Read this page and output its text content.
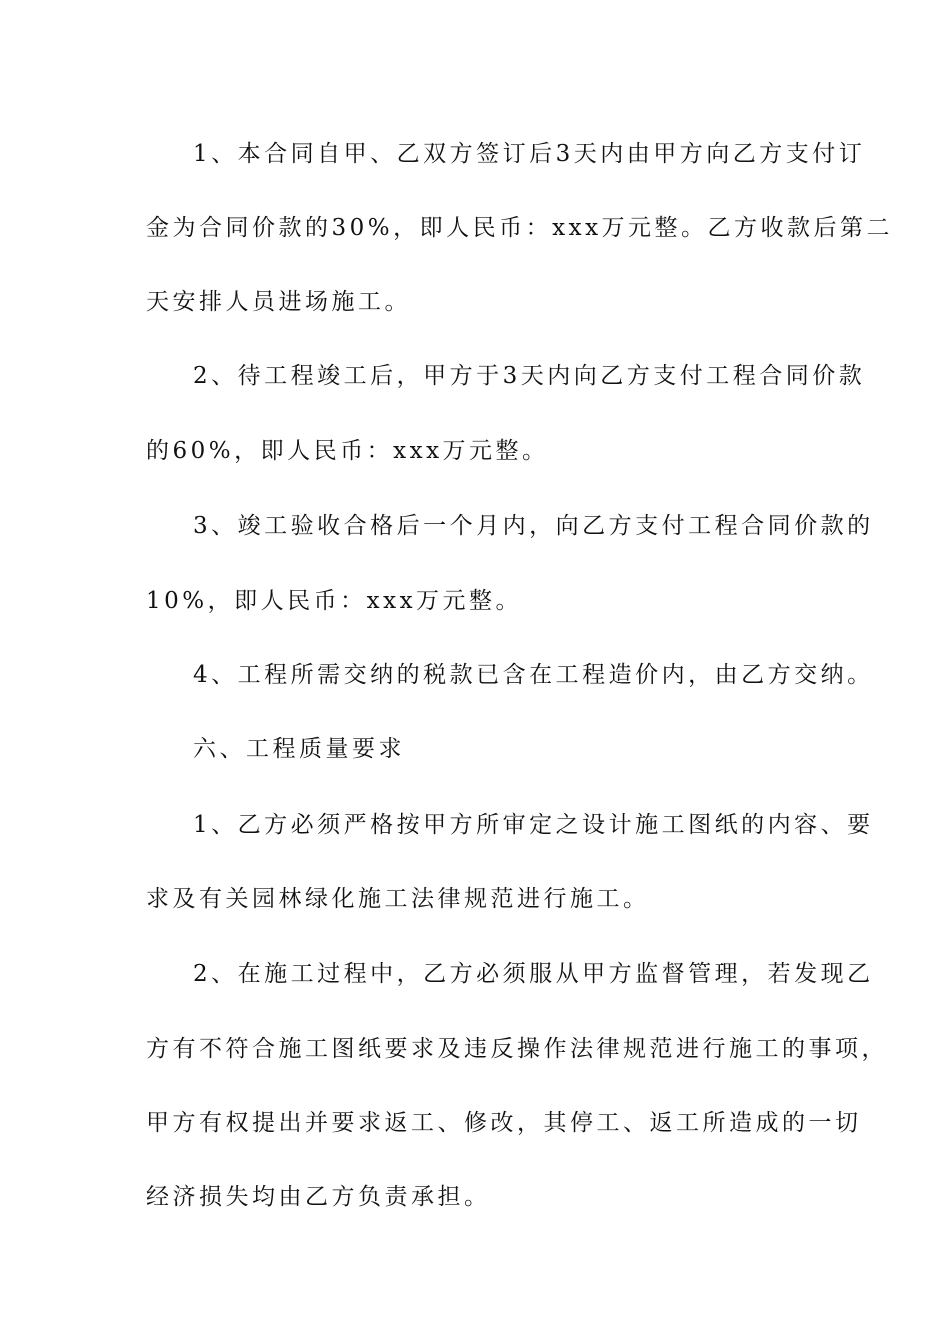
1、本合同自甲、乙双方签订后3天内由甲方向乙方支付订
金为合同价款的30%，即人民币：xxx万元整。乙方收款后第二
天安排人员进场施工。
2、待工程竣工后，甲方于3天内向乙方支付工程合同价款
的60%，即人民币：xxx万元整。
3、竣工验收合格后一个月内，向乙方支付工程合同价款的
10%，即人民币：xxx万元整。
4、工程所需交纳的税款已含在工程造价内，由乙方交纳。
六、工程质量要求
1、乙方必须严格按甲方所审定之设计施工图纸的内容、要
求及有关园林绿化施工法律规范进行施工。
2、在施工过程中，乙方必须服从甲方监督管理，若发现乙
方有不符合施工图纸要求及违反操作法律规范进行施工的事项，
甲方有权提出并要求返工、修改，其停工、返工所造成的一切
经济损失均由乙方负责承担。
